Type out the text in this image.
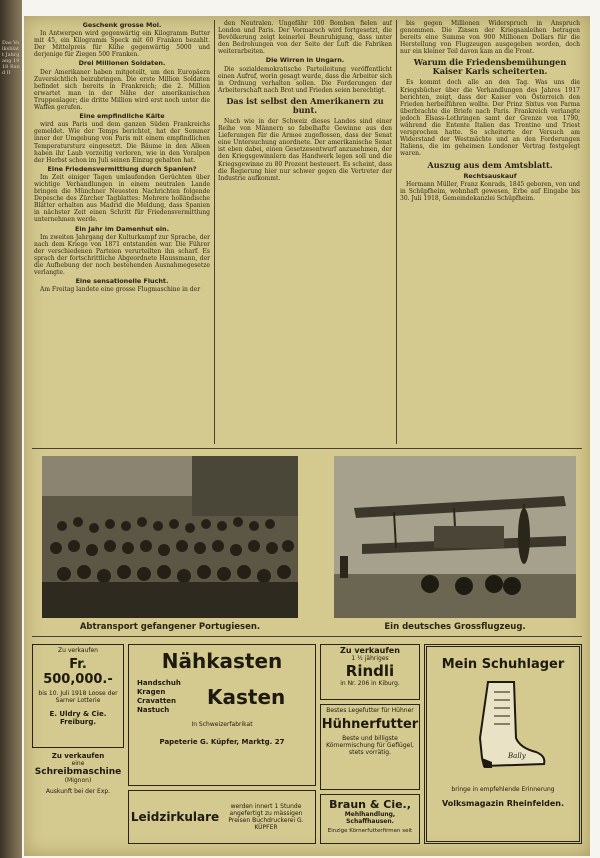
Das Volksblatt Jahrgang 1918 Band II
Geschenk grosse Mol.

In Antwerpen wird gegenwärtig ein Kilogramm Butter mit 45, ein Kilogramm Speck mit 60 Franken bezahlt. Der Mittelpreis für Kühe gegenwärtig 5000 und derjenige für Ziegen 500 Franken.

Drei Millionen Soldaten.

Der Amerikaner haben mitgeteilt, um den Europäern Zuversichtlich beizubringen. Die erste Million Soldaten befindet sich bereits in Frankreich; die 2. Million erwartet man in der Nähe der amerikanischen Truppenlager; die dritte Million wird erst noch unter die Waffen gerufen.

Eine empfindliche Kälte

wird aus Paris und dem ganzen Süden Frankreichs gemeldet. Wie der Temps berichtet, hat der Sommer inner der Umgebung von Paris mit einem empfindlichen Temperatursturz eingesetzt. Die Bäume in den Alleen haben ihr Laub vorzeitig verloren, wie in den Voralpen der Herbst schon im Juli seinen Einzug gehalten hat.

Eine Friedensvermittlung durch Spanien?

Im Zeit einiger Tagen umlaufenden Gerüchten über wichtige Verhandlungen in einem neutralen Lande bringen die Münchner Neuesten Nachrichten folgende Depesche des Zürcher Tagblattes: Mehrere holländische Blätter erhalten aus Madrid die Meldung, dass Spanien in nächster Zeit einen Schritt für Friedensvermittlung unternehmen werde.

Ein Jahr im Damenhut ein.

Im zweiten Jahrgang der Kulturkampf zur Sprache, der nach dem Kriege von 1871 entstanden war. Die Führer der verschiedenen Parteien verurteilten ihn scharf. Es sprach der fortschrittliche Abgeordnete Haussmann, der die Aufhebung der noch bestehenden Ausnahmegesetze verlangte.

Eine sensationelle Flucht.

Am Freitag landete eine grosse Flugmaschine in der

den Neutralen. Ungefähr 100 Bomben fielen auf London und Paris. Der Vormarsch wird fortgesetzt, die Bevölkerung zeigt keinerlei Beunruhigung, dass unter den Bedrohungen von der Seite der Luft die Fabriken weiterarbeiten.

Die Wirren in Ungarn.

Die sozialdemokratische Parteileitung veröffentlicht einen Aufruf, worin gesagt wurde, dass die Arbeiter sich in Ordnung verhalten sollen. Die Forderungen der Arbeiterschaft nach Brot und Frieden seien berechtigt.

Das ist selbst den Amerikanern zu bunt.

Nach wie in der Schweiz dieses Landes sind einer Reihe von Männern so fabelhafte Gewinne aus den Lieferungen für die Armee zugeflossen, dass der Senat eine Untersuchung anordnete. Der amerikanische Senat ist eben dabei, einen Gesetzesentwurf anzunehmen, der den Kriegsgewinnlern das Handwerk legen soll und die Kriegsgewinne zu 80 Prozent besteuert. Es scheint, dass die Regierung hier nur schwer gegen die Vertreter der Industrie aufkommt.

bis gegen Millionen Widerspruch in Anspruch genommen. Die Zinsen der Kriegsanleihen betragen bereits eine Summe von 900 Millionen Dollars für die Herstellung von Flugzeugen ausgegeben worden, doch nur ein kleiner Teil davon kam an die Front.

Warum die Friedensbemühungen Kaiser Karls scheiterten.

Es kommt doch alle an den Tag. Was uns die Kriegsbücher über die Verhandlungen des Jahres 1917 berichten, zeigt, dass der Kaiser von Österreich den Frieden herbeiführen wollte. Der Prinz Sixtus von Parma überbrachte die Briefe nach Paris. Frankreich verlangte jedoch Elsass-Lothringen samt der Grenze von 1790, während die Entente Italien das Trentino und Triest versprochen hatte. So scheiterte der Versuch am Widerstand der Westmächte und an den Forderungen Italiens, die im geheimen Londoner Vertrag festgelegt waren.

Auszug aus dem Amtsblatt.
Rechtsauskauf

Hermann Müller, Franz Konrads, 1845 geboren, von und in Schüpfheim, wohnhaft gewesen, Erbe auf Eingabe bis 30. Juli 1918, Gemeindekanzlei Schüpfheim.

Abtransport gefangener Portugiesen.	Ein deutsches Grossflugzeug.
Zu verkaufen
Fr. 500,000.-
bis 10. Juli 1918 Loose der Sarner Lotterie
E. Uldry & Cie.
Freiburg.
Zu verkaufen
eine
Schreibmaschine
(Mignon)
Auskunft bei der Exp.
Nähkasten
Handschuh
Kragen
Cravatten
Nastuch
Kasten
In Schweizerfabrikat
Papeterie G. Küpfer, Marktg. 27
Leidzirkulare
werden innert 1 Stunde angefertigt zu mässigen Preisen Buchdruckerei G. KÜPFER
Zu verkaufen
1 ½ jähriges
Rindli
in Nr. 206 in Kiburg.
Bestes Legefutter für Hühner
Hühnerfutter
Beste und billigste Körnermischung für Geflügel, stets vorrätig.
Braun & Cie.,
Mehlhandlung, Schaffhausen.
Einzige Körnerfutterfirmen seit
Mein Schuhlager
Bally
bringe in empfehlende Erinnerung
Volksmagazin Rheinfelden.
